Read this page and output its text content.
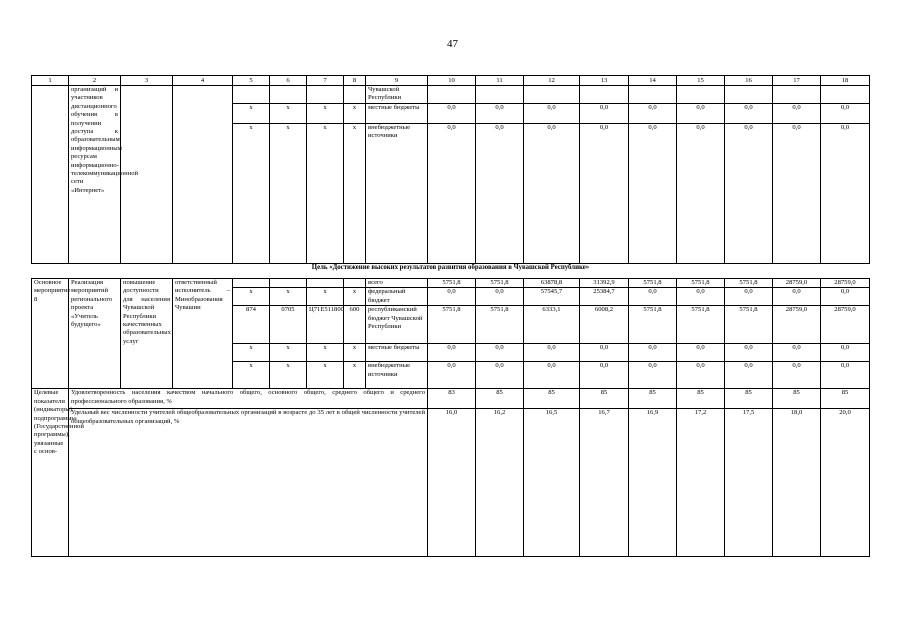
47
1	2	3	4	5	6	7	8	9	10	11	12	13	14	15	16	17	18
	организаций и участников дистанционного обучения в получении доступа к образовательным информационным ресурсам информационно-телекоммуникационной сети «Интернет»							Чувашской Республики									
				x	x	x	x	местные бюджеты	0,0	0,0	0,0	0,0	0,0	0,0	0,0	0,0	0,0
				x	x	x	x	внебюджетные источники	0,0	0,0	0,0	0,0	0,0	0,0	0,0	0,0	0,0
Цель «Достижение высоких результатов развития образования в Чувашской Республике»																	
Основное мероприятие 8	Реализация мероприятий регионального проекта «Учитель будущего»	повышение доступности для населения Чувашской Республики качественных образовательных услуг	ответственный исполнитель – Минобразования Чувашии					всего	5751,8	5751,8	63878,8	31392,9	5751,8	5751,8	5751,8	28759,0	28759,0
				x	x	x	x	федеральный бюджет	0,0	0,0	57545,7	25384,7	0,0	0,0	0,0	0,0	0,0
				874	0705	Ц71Е511800	600	республиканский бюджет Чувашской Республики	5751,8	5751,8	6333,1	6008,2	5751,8	5751,8	5751,8	28759,0	28759,0
				x	x	x	x	местные бюджеты	0,0	0,0	0,0	0,0	0,0	0,0	0,0	0,0	0,0
				x	x	x	x	внебюджетные источники	0,0	0,0	0,0	0,0	0,0	0,0	0,0	0,0	0,0
Целевые показатели (индикаторы) подпрограммы (Государственной программы), увязанные с основ-	Удовлетворенность населения качеством начального общего, основного общего, среднего общего и среднего профессионального образования, %								83	85	85	85	85	85	85	85	85
	Удельный вес численности учителей общеобразовательных организаций в возрасте до 35 лет в общей численности учителей общеобразовательных организаций, %								16,0	16,2	16,5	16,7	16,9	17,2	17,5	18,0	20,0
